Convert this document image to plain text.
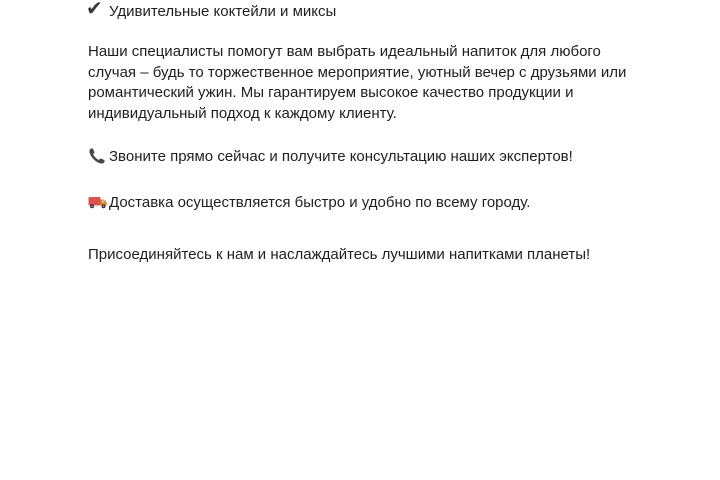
✔ Удивительные коктейли и миксы
Наши специалисты помогут вам выбрать идеальный напиток для любого
случая – будь то торжественное мероприятие, уютный вечер с друзьями или
романтический ужин. Мы гарантируем высокое качество продукции и
индивидуальный подход к каждому клиенту.
Звоните прямо сейчас и получите консультацию наших экспертов!
Доставка осуществляется быстро и удобно по всему городу.
Присоединяйтесь к нам и наслаждайтесь лучшими напитками планеты!
